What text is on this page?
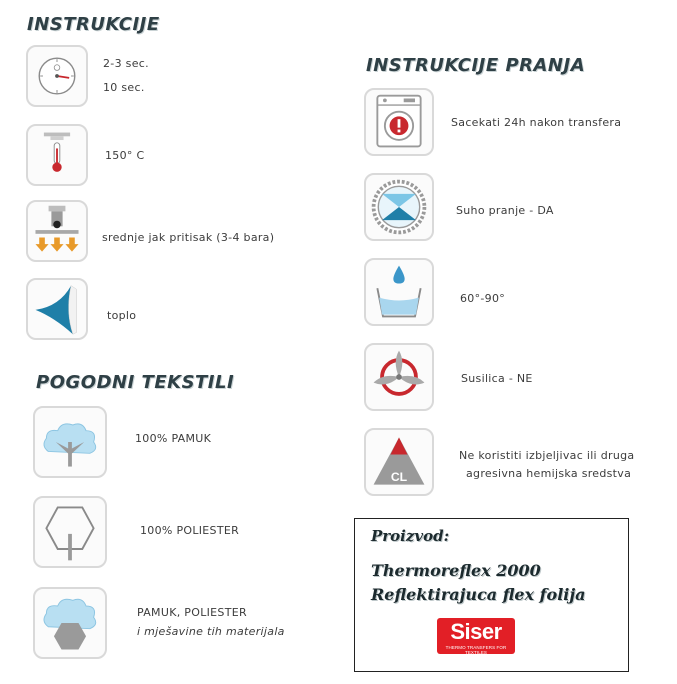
INSTRUKCIJE
2-3 sec.
10 sec.
150° C
srednje jak pritisak (3-4 bara)
toplo
POGODNI TEKSTILI
100% PAMUK
100% POLIESTER
PAMUK, POLIESTER
i mješavine tih materijala
INSTRUKCIJE PRANJA
Sacekati 24h nakon transfera
Suho pranje - DA
60°-90°
Susilica - NE
CL
Ne koristiti izbjeljivac ili druga
agresivna hemijska sredstva
Proizvod:
Thermoreflex 2000
Reflektirajuca flex folija
Siser
THERMO TRANSFERS FOR TEXTILES
